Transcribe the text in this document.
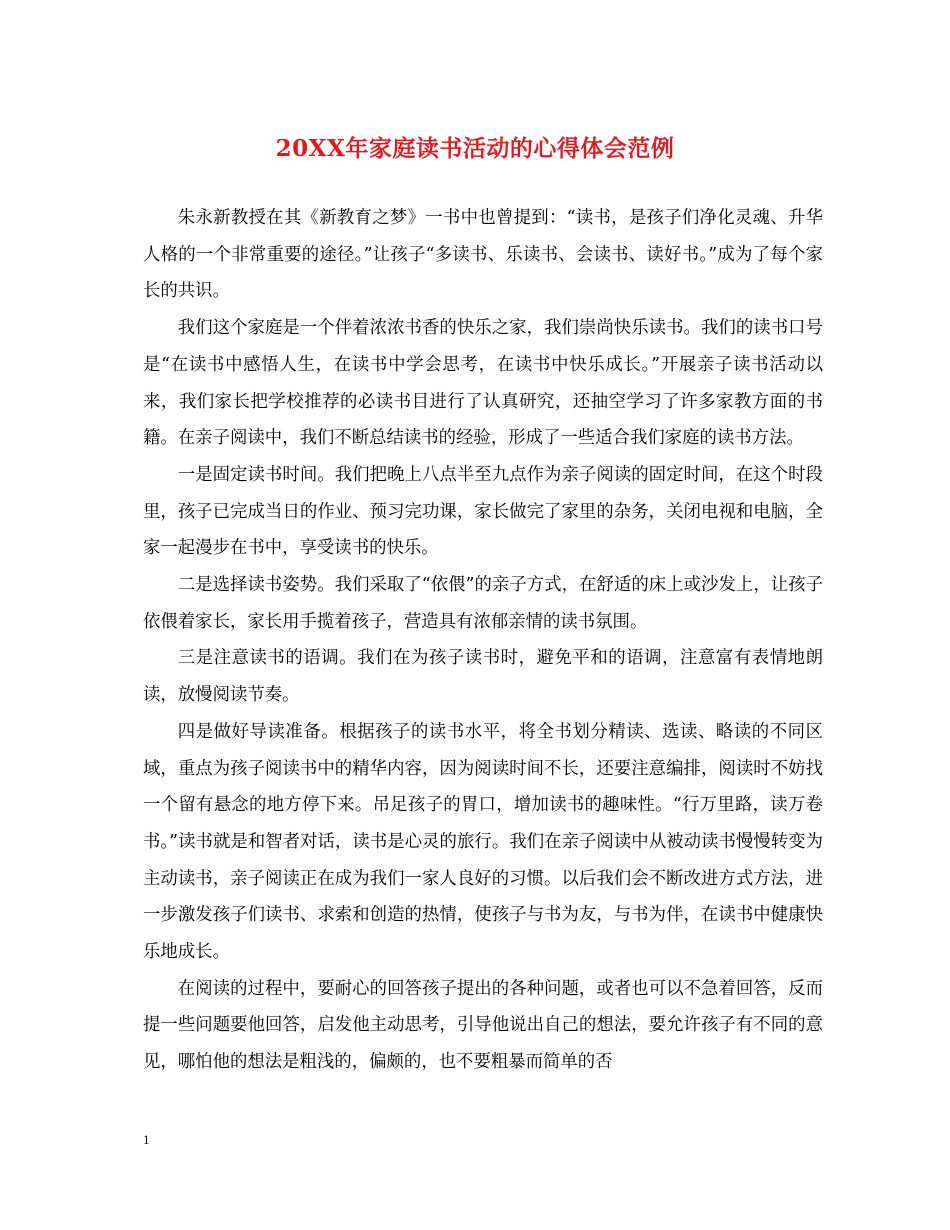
20XX年家庭读书活动的心得体会范例

朱永新教授在其《新教育之梦》一书中也曾提到：“读书，是孩子们净化灵魂、升华人格的一个非常重要的途径。”让孩子“多读书、乐读书、会读书、读好书。”成为了每个家长的共识。

我们这个家庭是一个伴着浓浓书香的快乐之家，我们崇尚快乐读书。我们的读书口号是“在读书中感悟人生，在读书中学会思考，在读书中快乐成长。”开展亲子读书活动以来，我们家长把学校推荐的必读书目进行了认真研究，还抽空学习了许多家教方面的书籍。在亲子阅读中，我们不断总结读书的经验，形成了一些适合我们家庭的读书方法。

一是固定读书时间。我们把晚上八点半至九点作为亲子阅读的固定时间，在这个时段里，孩子已完成当日的作业、预习完功课，家长做完了家里的杂务，关闭电视和电脑，全家一起漫步在书中，享受读书的快乐。

二是选择读书姿势。我们采取了“依偎”的亲子方式，在舒适的床上或沙发上，让孩子依偎着家长，家长用手揽着孩子，营造具有浓郁亲情的读书氛围。

三是注意读书的语调。我们在为孩子读书时，避免平和的语调，注意富有表情地朗读，放慢阅读节奏。

四是做好导读准备。根据孩子的读书水平，将全书划分精读、选读、略读的不同区域，重点为孩子阅读书中的精华内容，因为阅读时间不长，还要注意编排，阅读时不妨找一个留有悬念的地方停下来。吊足孩子的胃口，增加读书的趣味性。“行万里路，读万卷书。”读书就是和智者对话，读书是心灵的旅行。我们在亲子阅读中从被动读书慢慢转变为主动读书，亲子阅读正在成为我们一家人良好的习惯。以后我们会不断改进方式方法，进一步激发孩子们读书、求索和创造的热情，使孩子与书为友，与书为伴，在读书中健康快乐地成长。

在阅读的过程中，要耐心的回答孩子提出的各种问题，或者也可以不急着回答，反而提一些问题要他回答，启发他主动思考，引导他说出自己的想法，要允许孩子有不同的意见，哪怕他的想法是粗浅的，偏颇的，也不要粗暴而简单的否

1
